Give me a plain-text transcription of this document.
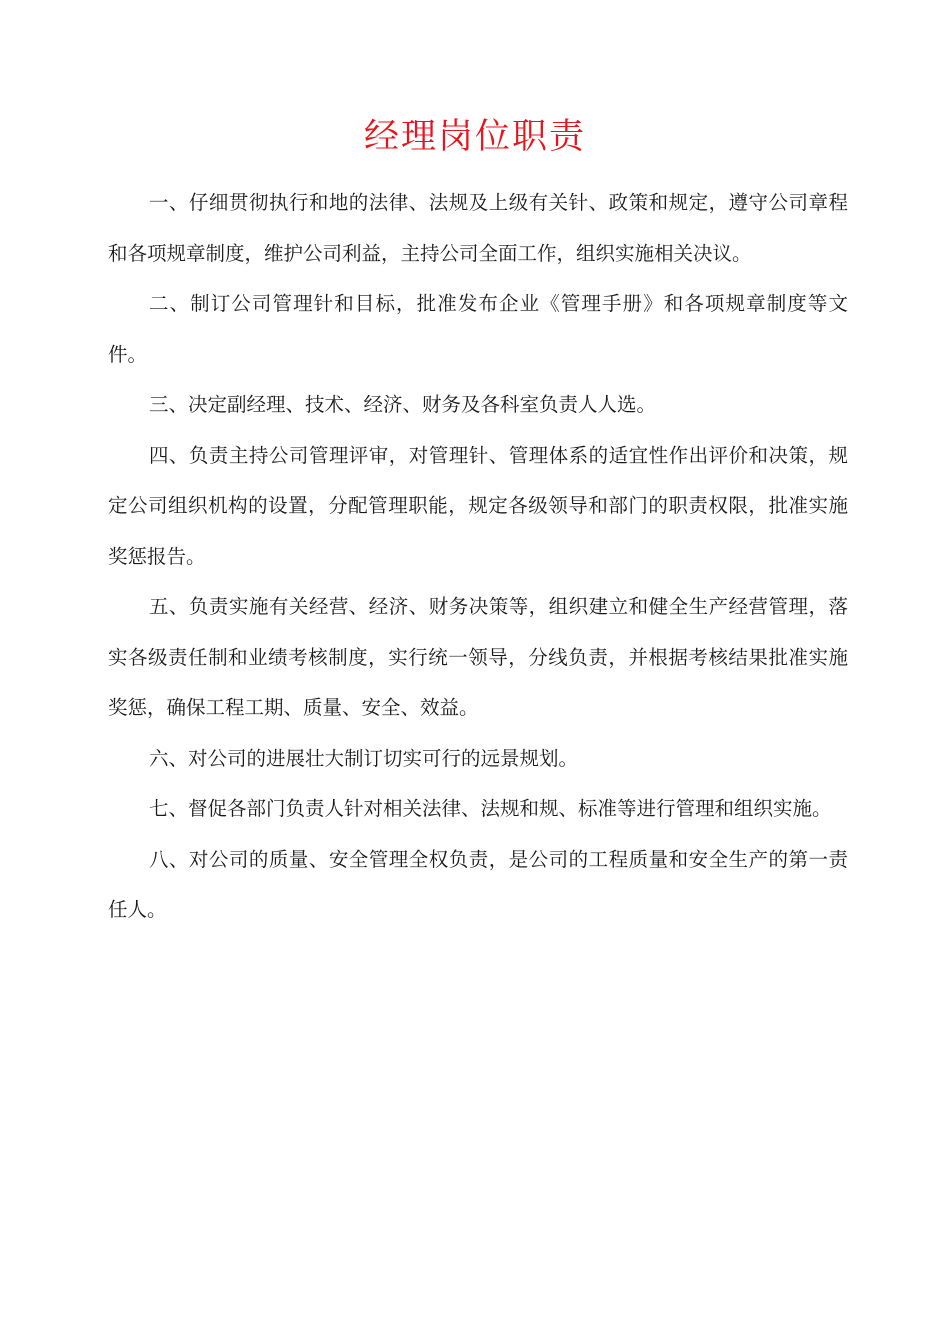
经理岗位职责

一、仔细贯彻执行和地的法律、法规及上级有关针、政策和规定，遵守公司章程和各项规章制度，维护公司利益，主持公司全面工作，组织实施相关决议。

二、制订公司管理针和目标，批准发布企业《管理手册》和各项规章制度等文件。

三、决定副经理、技术、经济、财务及各科室负责人人选。

四、负责主持公司管理评审，对管理针、管理体系的适宜性作出评价和决策，规定公司组织机构的设置，分配管理职能，规定各级领导和部门的职责权限，批准实施奖惩报告。

五、负责实施有关经营、经济、财务决策等，组织建立和健全生产经营管理，落实各级责任制和业绩考核制度，实行统一领导，分线负责，并根据考核结果批准实施奖惩，确保工程工期、质量、安全、效益。

六、对公司的进展壮大制订切实可行的远景规划。

七、督促各部门负责人针对相关法律、法规和规、标准等进行管理和组织实施。

八、对公司的质量、安全管理全权负责，是公司的工程质量和安全生产的第一责任人。
